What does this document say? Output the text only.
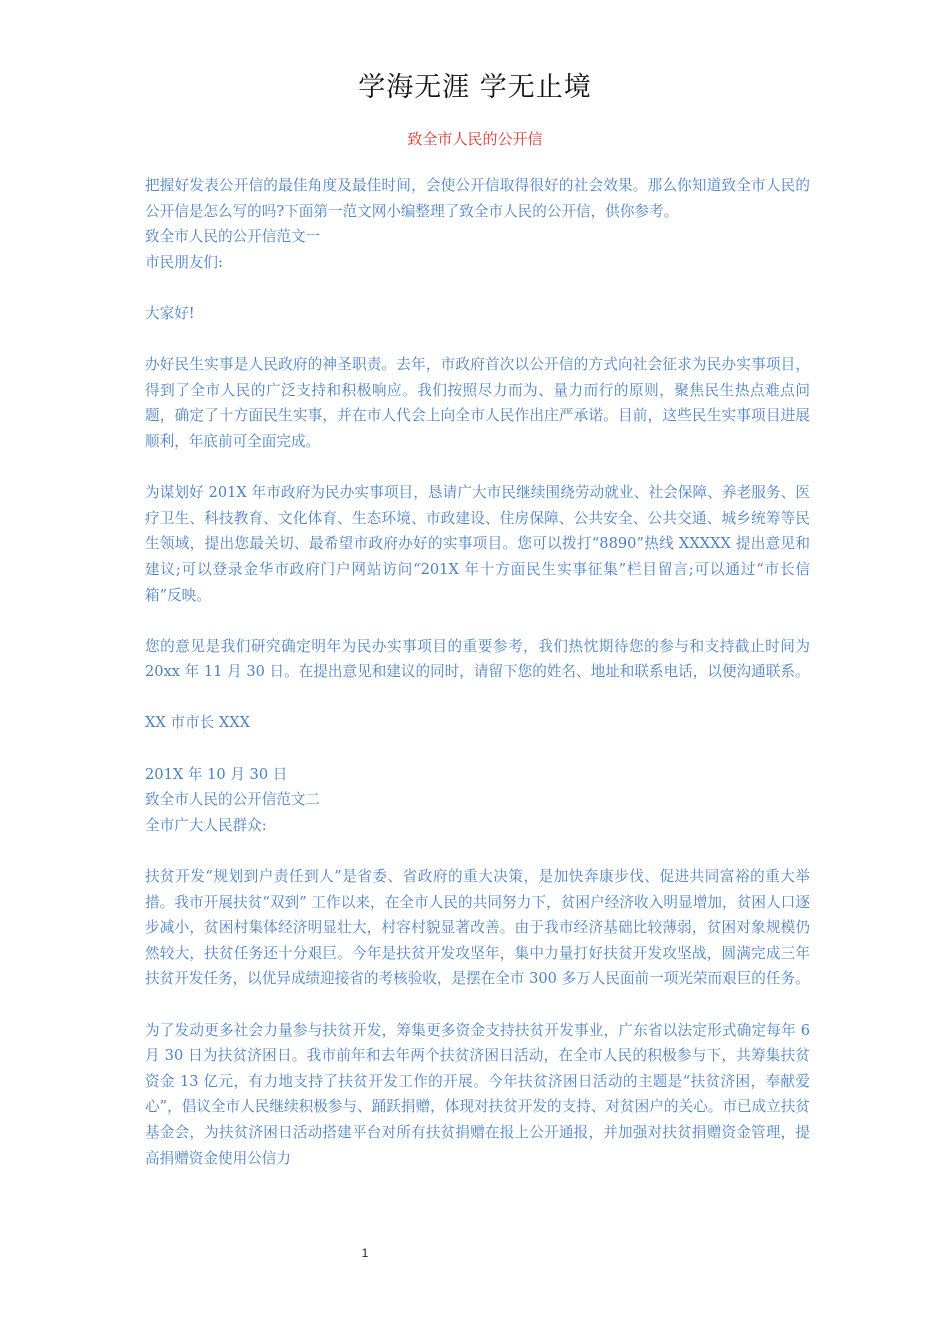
学海无涯 学无止境
致全市人民的公开信

把握好发表公开信的最佳角度及最佳时间，会使公开信取得很好的社会效果。那么你知道致全市人民的公开信是怎么写的吗?下面第一范文网小编整理了致全市人民的公开信，供你参考。

致全市人民的公开信范文一

市民朋友们:

大家好!

办好民生实事是人民政府的神圣职责。去年，市政府首次以公开信的方式向社会征求为民办实事项目，得到了全市人民的广泛支持和积极响应。我们按照尽力而为、量力而行的原则，聚焦民生热点难点问题，确定了十方面民生实事，并在市人代会上向全市人民作出庄严承诺。目前，这些民生实事项目进展顺利，年底前可全面完成。

为谋划好 201X 年市政府为民办实事项目，恳请广大市民继续围绕劳动就业、社会保障、养老服务、医疗卫生、科技教育、文化体育、生态环境、市政建设、住房保障、公共安全、公共交通、城乡统筹等民生领域，提出您最关切、最希望市政府办好的实事项目。您可以拨打“8890”热线 XXXXX 提出意见和建议;可以登录金华市政府门户网站访问“201X 年十方面民生实事征集”栏目留言;可以通过“市长信箱”反映。

您的意见是我们研究确定明年为民办实事项目的重要参考，我们热忱期待您的参与和支持截止时间为 20xx 年 11 月 30 日。在提出意见和建议的同时，请留下您的姓名、地址和联系电话，以便沟通联系。

XX 市市长 XXX

201X 年 10 月 30 日

致全市人民的公开信范文二

全市广大人民群众:

扶贫开发“规划到户责任到人”是省委、省政府的重大决策，是加快奔康步伐、促进共同富裕的重大举措。我市开展扶贫“双到” 工作以来，在全市人民的共同努力下，贫困户经济收入明显增加，贫困人口逐步减小，贫困村集体经济明显壮大，村容村貌显著改善。由于我市经济基础比较薄弱，贫困对象规模仍然较大，扶贫任务还十分艰巨。今年是扶贫开发攻坚年，集中力量打好扶贫开发攻坚战，圆满完成三年扶贫开发任务，以优异成绩迎接省的考核验收，是摆在全市 300 多万人民面前一项光荣而艰巨的任务。

为了发动更多社会力量参与扶贫开发，筹集更多资金支持扶贫开发事业，广东省以法定形式确定每年 6 月 30 日为扶贫济困日。我市前年和去年两个扶贫济困日活动，在全市人民的积极参与下，共筹集扶贫资金 13 亿元，有力地支持了扶贫开发工作的开展。今年扶贫济困日活动的主题是“扶贫济困，奉献爱心”，倡议全市人民继续积极参与、踊跃捐赠，体现对扶贫开发的支持、对贫困户的关心。市已成立扶贫基金会，为扶贫济困日活动搭建平台对所有扶贫捐赠在报上公开通报，并加强对扶贫捐赠资金管理，提高捐赠资金使用公信力

1
